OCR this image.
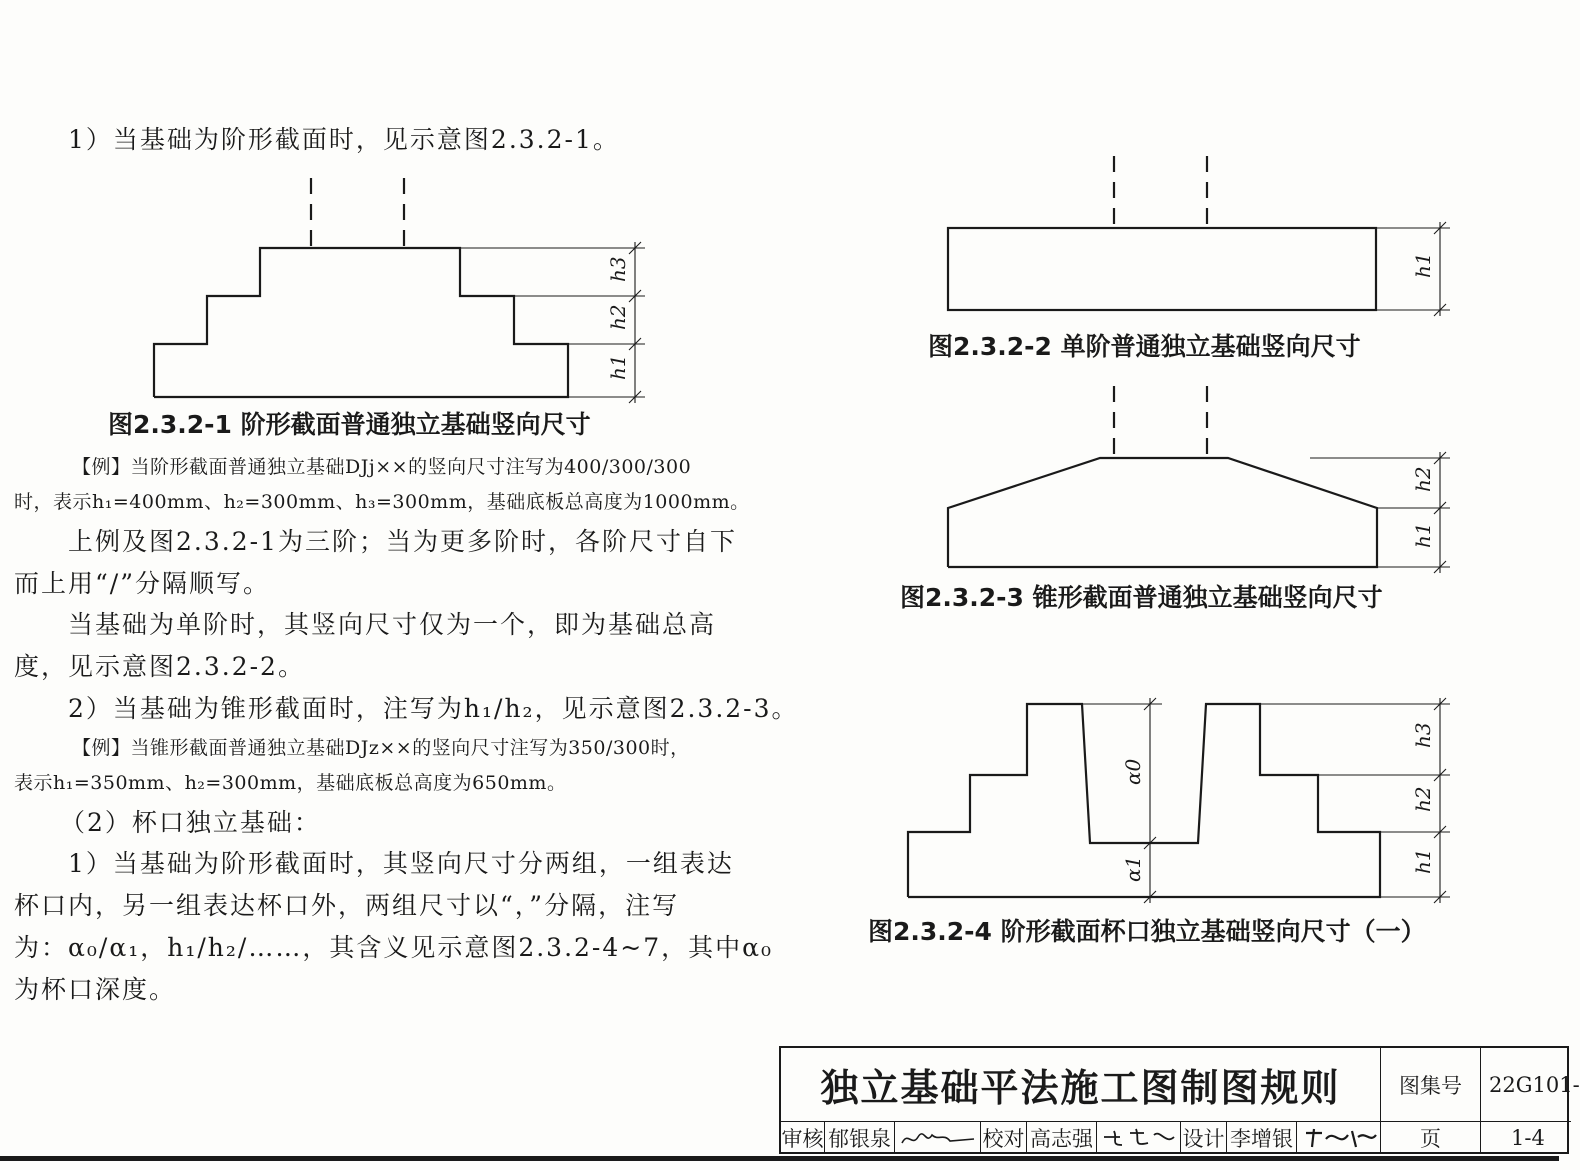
1）当基础为阶形截面时，见示意图2.3.2-1。
h3
h2
h1
图2.3.2-1 阶形截面普通独立基础竖向尺寸
【例】当阶形截面普通独立基础DJj××的竖向尺寸注写为400/300/300
时，表示h₁=400mm、h₂=300mm、h₃=300mm，基础底板总高度为1000mm。
上例及图2.3.2-1为三阶；当为更多阶时，各阶尺寸自下
而上用“/”分隔顺写。
当基础为单阶时，其竖向尺寸仅为一个，即为基础总高
度，见示意图2.3.2-2。
2）当基础为锥形截面时，注写为h₁/h₂，见示意图2.3.2-3。
【例】当锥形截面普通独立基础DJz××的竖向尺寸注写为350/300时，
表示h₁=350mm、h₂=300mm，基础底板总高度为650mm。
（2）杯口独立基础：
1）当基础为阶形截面时，其竖向尺寸分两组，一组表达
杯口内，另一组表达杯口外，两组尺寸以“，”分隔，注写
为：α₀/α₁，h₁/h₂/……，其含义见示意图2.3.2-4~7，其中α₀
为杯口深度。
h1
图2.3.2-2 单阶普通独立基础竖向尺寸
h2
h1
图2.3.2-3 锥形截面普通独立基础竖向尺寸
α0
α1
h3
h2
h1
图2.3.2-4 阶形截面杯口独立基础竖向尺寸（一）
独立基础平法施工图制图规则	图集号	22G101-
审核 郁银泉	校对 高志强	设计 李增银	页	1-4
